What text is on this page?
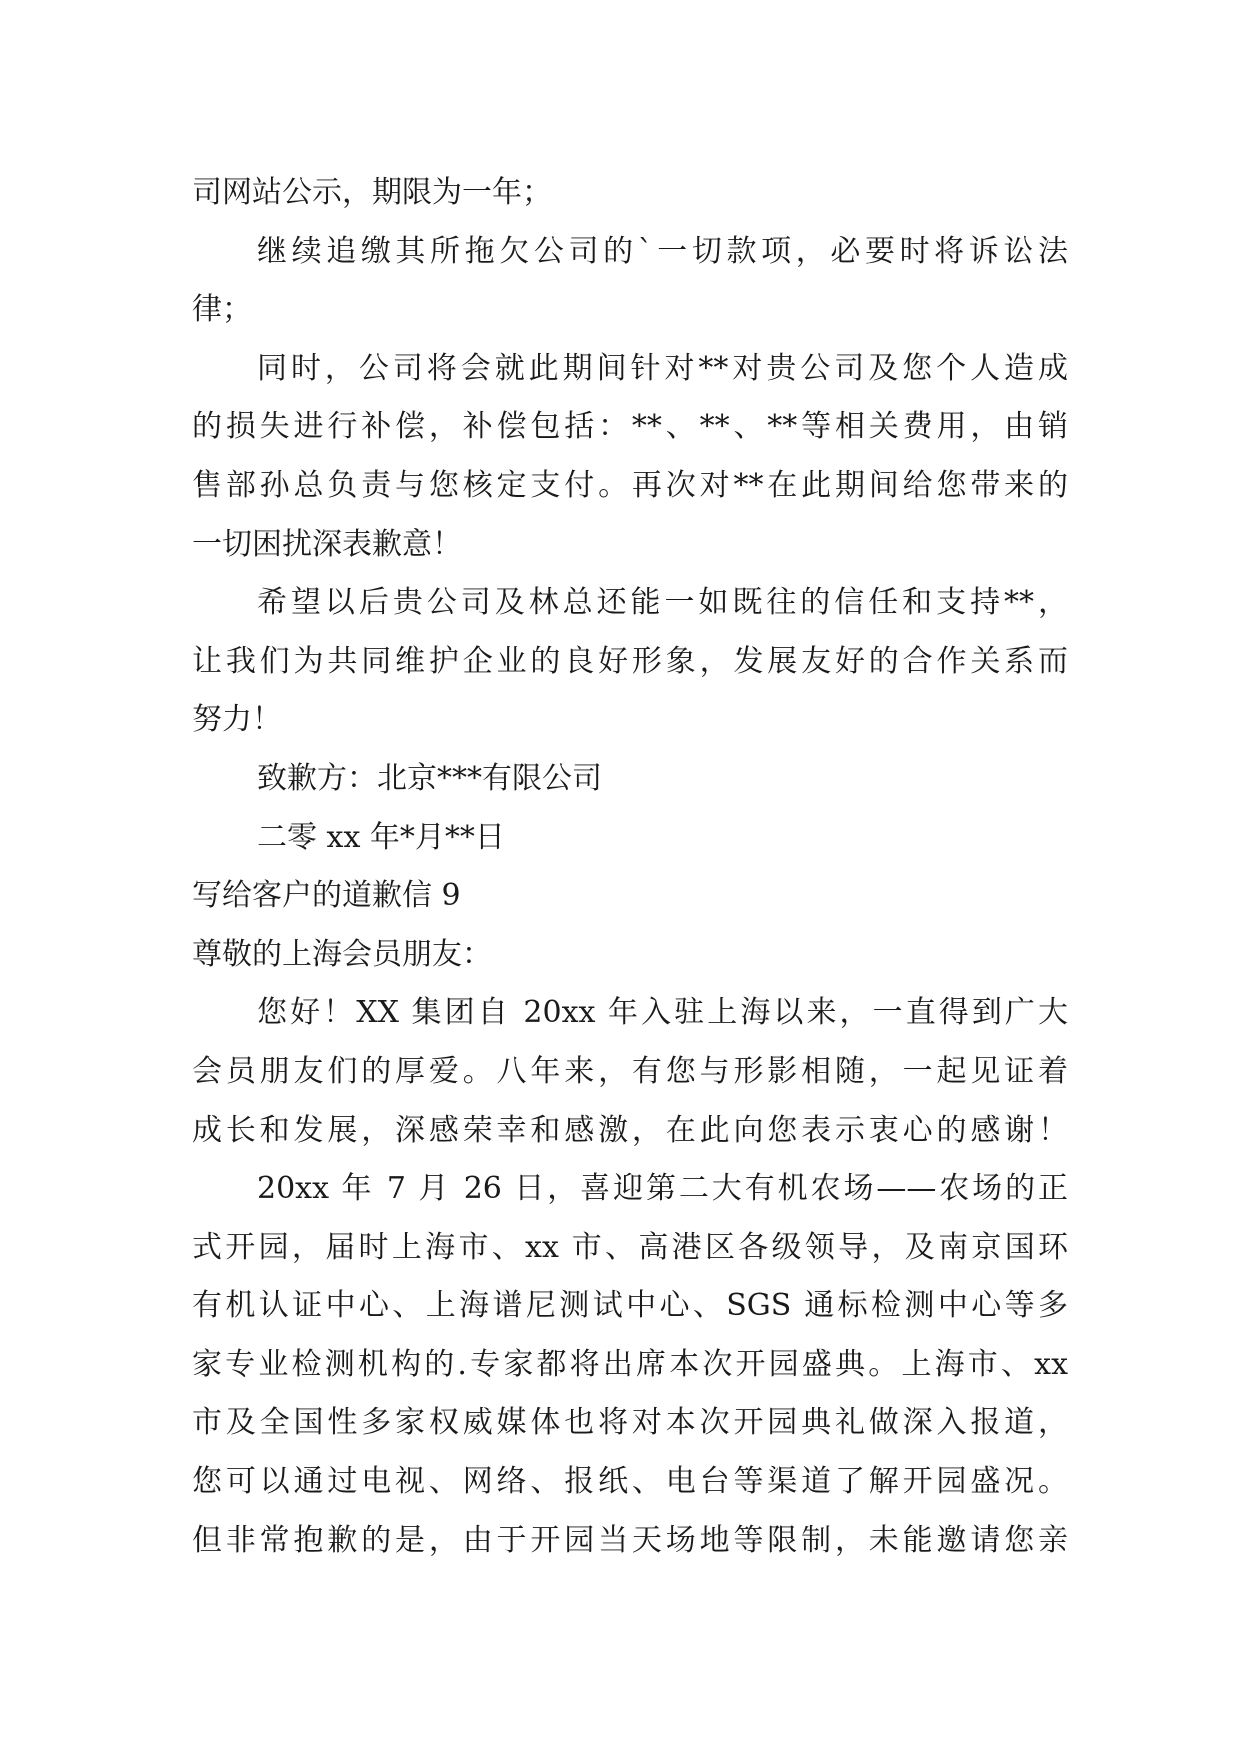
司网站公示，期限为一年；
继续追缴其所拖欠公司的`一切款项，必要时将诉讼法
律；
同时，公司将会就此期间针对**对贵公司及您个人造成
的损失进行补偿，补偿包括：**、**、**等相关费用，由销
售部孙总负责与您核定支付。再次对**在此期间给您带来的
一切困扰深表歉意！
希望以后贵公司及林总还能一如既往的信任和支持**，
让我们为共同维护企业的良好形象，发展友好的合作关系而
努力！
致歉方：北京***有限公司
二零 xx 年*月**日
写给客户的道歉信 9
尊敬的上海会员朋友：
您好！XX 集团自 20xx 年入驻上海以来，一直得到广大
会员朋友们的厚爱。八年来，有您与形影相随，一起见证着
成长和发展，深感荣幸和感激，在此向您表示衷心的感谢！
20xx 年 7 月 26 日，喜迎第二大有机农场——农场的正
式开园，届时上海市、xx 市、高港区各级领导，及南京国环
有机认证中心、上海谱尼测试中心、SGS 通标检测中心等多
家专业检测机构的.专家都将出席本次开园盛典。上海市、xx
市及全国性多家权威媒体也将对本次开园典礼做深入报道，
您可以通过电视、网络、报纸、电台等渠道了解开园盛况。
但非常抱歉的是，由于开园当天场地等限制，未能邀请您亲
